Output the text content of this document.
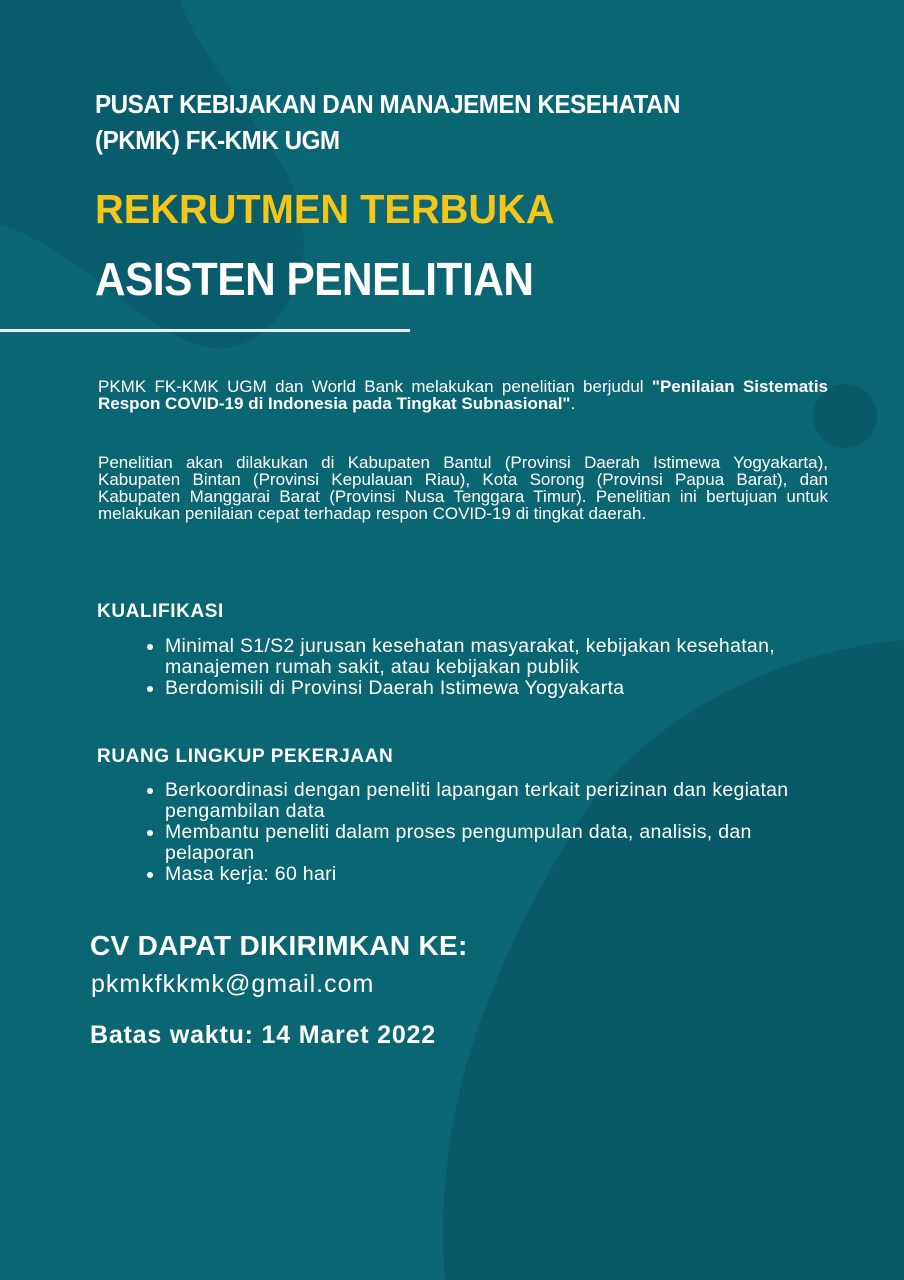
PUSAT KEBIJAKAN DAN MANAJEMEN KESEHATAN
(PKMK) FK-KMK UGM
REKRUTMEN TERBUKA
ASISTEN PENELITIAN
PKMK FK-KMK UGM dan World Bank melakukan penelitian berjudul "Penilaian Sistematis Respon COVID-19 di Indonesia pada Tingkat Subnasional".
Penelitian akan dilakukan di Kabupaten Bantul (Provinsi Daerah Istimewa Yogyakarta), Kabupaten Bintan (Provinsi Kepulauan Riau), Kota Sorong (Provinsi Papua Barat), dan Kabupaten Manggarai Barat (Provinsi Nusa Tenggara Timur). Penelitian ini bertujuan untuk melakukan penilaian cepat terhadap respon COVID-19 di tingkat daerah.
KUALIFIKASI
• Minimal S1/S2 jurusan kesehatan masyarakat, kebijakan kesehatan, manajemen rumah sakit, atau kebijakan publik
• Berdomisili di Provinsi Daerah Istimewa Yogyakarta
RUANG LINGKUP PEKERJAAN
• Berkoordinasi dengan peneliti lapangan terkait perizinan dan kegiatan pengambilan data
• Membantu peneliti dalam proses pengumpulan data, analisis, dan pelaporan
• Masa kerja: 60 hari
CV DAPAT DIKIRIMKAN KE:
pkmkfkkmk@gmail.com
Batas waktu: 14 Maret 2022
